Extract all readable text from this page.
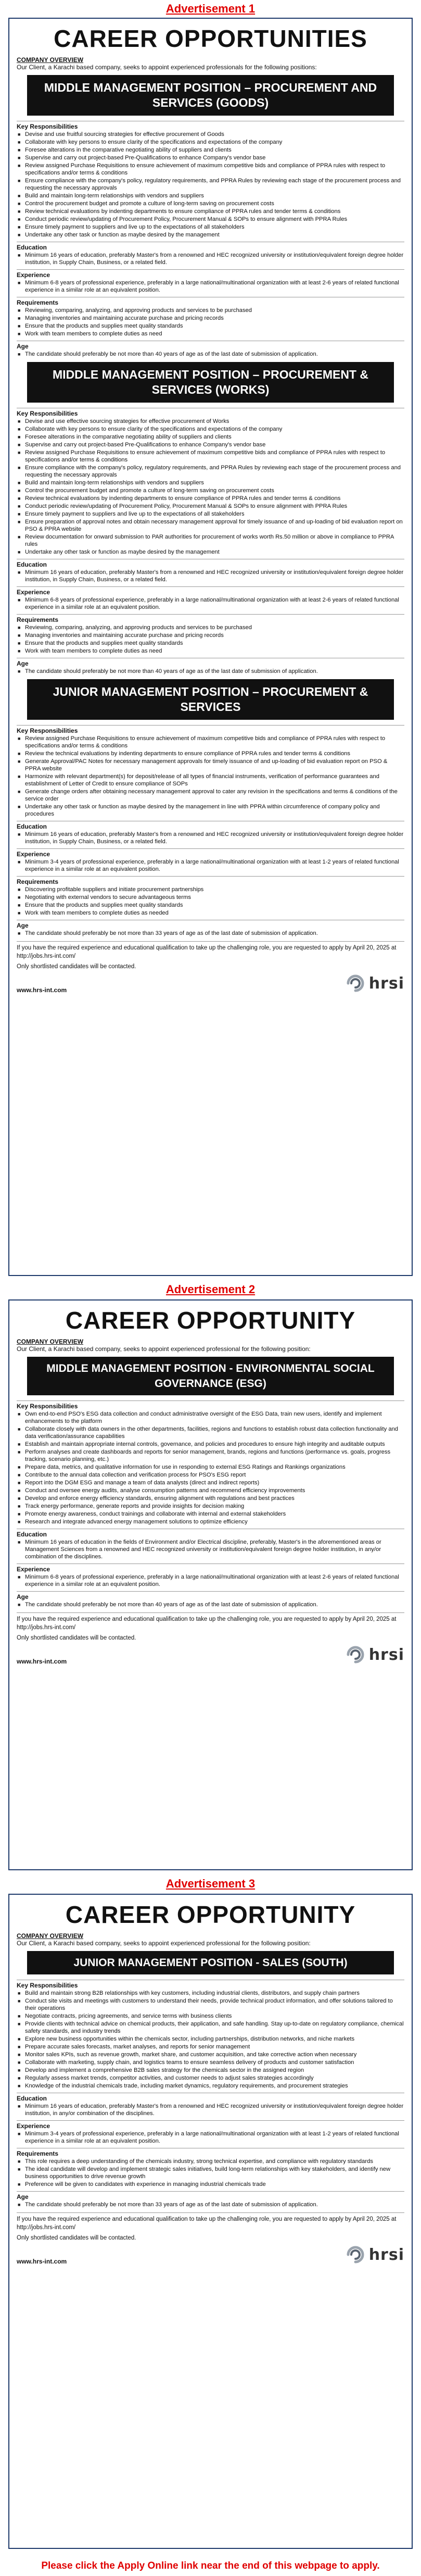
Advertisement 1
CAREER OPPORTUNITIES
COMPANY OVERVIEW
Our Client, a Karachi based company, seeks to appoint experienced professionals for the following positions:
MIDDLE MANAGEMENT POSITION – PROCUREMENT AND SERVICES (GOODS)
Key Responsibilities
■ Devise and use fruitful sourcing strategies for effective procurement of Goods
■ Collaborate with key persons to ensure clarity of the specifications and expectations of the company
■ Foresee alterations in the comparative negotiating ability of suppliers and clients
■ Supervise and carry out project-based Pre-Qualifications to enhance Company's vendor base
■ Review assigned Purchase Requisitions to ensure achievement of maximum competitive bids and compliance of PPRA rules with respect to specifications and/or terms & conditions
■ Ensure compliance with the company's policy, regulatory requirements, and PPRA Rules by reviewing each stage of the procurement process and requesting the necessary approvals
■ Build and maintain long-term relationships with vendors and suppliers
■ Control the procurement budget and promote a culture of long-term saving on procurement costs
■ Review technical evaluations by indenting departments to ensure compliance of PPRA rules and tender terms & conditions
■ Conduct periodic review/updating of Procurement Policy, Procurement Manual & SOPs to ensure alignment with PPRA Rules
■ Ensure timely payment to suppliers and live up to the expectations of all stakeholders
■ Undertake any other task or function as maybe desired by the management
Education
■ Minimum 16 years of education, preferably Master's from a renowned and HEC recognized university or institution/equivalent foreign degree holder institution, in Supply Chain, Business, or a related field.
Experience
■ Minimum 6-8 years of professional experience, preferably in a large national/multinational organization with at least 2-6 years of related functional experience in a similar role at an equivalent position.
Requirements
■ Reviewing, comparing, analyzing, and approving products and services to be purchased
■ Managing inventories and maintaining accurate purchase and pricing records
■ Ensure that the products and supplies meet quality standards
■ Work with team members to complete duties as need
Age
■ The candidate should preferably be not more than 40 years of age as of the last date of submission of application.
MIDDLE MANAGEMENT POSITION – PROCUREMENT & SERVICES (WORKS)
Key Responsibilities
■ Devise and use effective sourcing strategies for effective procurement of Works
■ Collaborate with key persons to ensure clarity of the specifications and expectations of the company
■ Foresee alterations in the comparative negotiating ability of suppliers and clients
■ Supervise and carry out project-based Pre-Qualifications to enhance Company's vendor base
■ Review assigned Purchase Requisitions to ensure achievement of maximum competitive bids and compliance of PPRA rules with respect to specifications and/or terms & conditions
■ Ensure compliance with the company's policy, regulatory requirements, and PPRA Rules by reviewing each stage of the procurement process and requesting the necessary approvals
■ Build and maintain long-term relationships with vendors and suppliers
■ Control the procurement budget and promote a culture of long-term saving on procurement costs
■ Review technical evaluations by indenting departments to ensure compliance of PPRA rules and tender terms & conditions
■ Conduct periodic review/updating of Procurement Policy, Procurement Manual & SOPs to ensure alignment with PPRA Rules
■ Ensure timely payment to suppliers and live up to the expectations of all stakeholders
■ Ensure preparation of approval notes and obtain necessary management approval for timely issuance of and up-loading of bid evaluation report on PSO & PPRA website
■ Review documentation for onward submission to PAR authorities for procurement of works worth Rs.50 million or above in compliance to PPRA rules
■ Undertake any other task or function as maybe desired by the management
Education
■ Minimum 16 years of education, preferably Master's from a renowned and HEC recognized university or institution/equivalent foreign degree holder institution, in Supply Chain, Business, or a related field.
Experience
■ Minimum 6-8 years of professional experience, preferably in a large national/multinational organization with at least 2-6 years of related functional experience in a similar role at an equivalent position.
Requirements
■ Reviewing, comparing, analyzing, and approving products and services to be purchased
■ Managing inventories and maintaining accurate purchase and pricing records
■ Ensure that the products and supplies meet quality standards
■ Work with team members to complete duties as need
Age
■ The candidate should preferably be not more than 40 years of age as of the last date of submission of application.
JUNIOR MANAGEMENT POSITION – PROCUREMENT & SERVICES
Key Responsibilities
■ Review assigned Purchase Requisitions to ensure achievement of maximum competitive bids and compliance of PPRA rules with respect to specifications and/or terms & conditions
■ Review the technical evaluations by indenting departments to ensure compliance of PPRA rules and tender terms & conditions
■ Generate Approval/PAC Notes for necessary management approvals for timely issuance of and up-loading of bid evaluation report on PSO & PPRA website
■ Harmonize with relevant department(s) for deposit/release of all types of financial instruments, verification of performance guarantees and establishment of Letter of Credit to ensure compliance of SOPs
■ Generate change orders after obtaining necessary management approval to cater any revision in the specifications and terms & conditions of the service order
■ Undertake any other task or function as maybe desired by the management in line with PPRA within circumference of company policy and procedures
Education
■ Minimum 16 years of education, preferably Master's from a renowned and HEC recognized university or institution/equivalent foreign degree holder institution, in Supply Chain, Business, or a related field.
Experience
■ Minimum 3-4 years of professional experience, preferably in a large national/multinational organization with at least 1-2 years of related functional experience in a similar role at an equivalent position.
Requirements
■ Discovering profitable suppliers and initiate procurement partnerships
■ Negotiating with external vendors to secure advantageous terms
■ Ensure that the products and supplies meet quality standards
■ Work with team members to complete duties as needed
Age
■ The candidate should preferably be not more than 33 years of age as of the last date of submission of application.
If you have the required experience and educational qualification to take up the challenging role, you are requested to apply by April 20, 2025 at http://jobs.hrs-int.com/
Only shortlisted candidates will be contacted.
www.hrs-int.com	hrsi
Advertisement 2
CAREER OPPORTUNITY
COMPANY OVERVIEW
Our Client, a Karachi based company, seeks to appoint experienced professional for the following position:
MIDDLE MANAGEMENT POSITION - ENVIRONMENTAL SOCIAL GOVERNANCE (ESG)
Key Responsibilities
■ Own end-to-end PSO's ESG data collection and conduct administrative oversight of the ESG Data, train new users, identify and implement enhancements to the platform
■ Collaborate closely with data owners in the other departments, facilities, regions and functions to establish robust data collection functionality and data verification/assurance capabilities
■ Establish and maintain appropriate internal controls, governance, and policies and procedures to ensure high integrity and auditable outputs
■ Perform analyses and create dashboards and reports for senior management, brands, regions and functions (performance vs. goals, progress tracking, scenario planning, etc.)
■ Prepare data, metrics, and qualitative information for use in responding to external ESG Ratings and Rankings organizations
■ Contribute to the annual data collection and verification process for PSO's ESG report
■ Report into the DGM ESG and manage a team of data analysts (direct and indirect reports)
■ Conduct and oversee energy audits, analyse consumption patterns and recommend efficiency improvements
■ Develop and enforce energy efficiency standards, ensuring alignment with regulations and best practices
■ Track energy performance, generate reports and provide insights for decision making
■ Promote energy awareness, conduct trainings and collaborate with internal and external stakeholders
■ Research and integrate advanced energy management solutions to optimize efficiency
Education
■ Minimum 16 years of education in the fields of Environment and/or Electrical discipline, preferably, Master's in the aforementioned areas or Management Sciences from a renowned and HEC recognized university or institution/equivalent foreign degree holder institution, in any/or combination of the disciplines.
Experience
■ Minimum 6-8 years of professional experience, preferably in a large national/multinational organization with at least 2-6 years of related functional experience in a similar role at an equivalent position.
Age
■ The candidate should preferably be not more than 40 years of age as of the last date of submission of application.
If you have the required experience and educational qualification to take up the challenging role, you are requested to apply by April 20, 2025 at http://jobs.hrs-int.com/
Only shortlisted candidates will be contacted.
www.hrs-int.com	hrsi
Advertisement 3
CAREER OPPORTUNITY
COMPANY OVERVIEW
Our Client, a Karachi based company, seeks to appoint experienced professional for the following position:
JUNIOR MANAGEMENT POSITION - SALES (SOUTH)
Key Responsibilities
■ Build and maintain strong B2B relationships with key customers, including industrial clients, distributors, and supply chain partners
■ Conduct site visits and meetings with customers to understand their needs, provide technical product information, and offer solutions tailored to their operations
■ Negotiate contracts, pricing agreements, and service terms with business clients
■ Provide clients with technical advice on chemical products, their application, and safe handling. Stay up-to-date on regulatory compliance, chemical safety standards, and industry trends
■ Explore new business opportunities within the chemicals sector, including partnerships, distribution networks, and niche markets
■ Prepare accurate sales forecasts, market analyses, and reports for senior management
■ Monitor sales KPIs, such as revenue growth, market share, and customer acquisition, and take corrective action when necessary
■ Collaborate with marketing, supply chain, and logistics teams to ensure seamless delivery of products and customer satisfaction
■ Develop and implement a comprehensive B2B sales strategy for the chemicals sector in the assigned region
■ Regularly assess market trends, competitor activities, and customer needs to adjust sales strategies accordingly
■ Knowledge of the industrial chemicals trade, including market dynamics, regulatory requirements, and procurement strategies
Education
■ Minimum 16 years of education, preferably Master's from a renowned and HEC recognized university or institution/equivalent foreign degree holder institution, in any/or combination of the disciplines.
Experience
■ Minimum 3-4 years of professional experience, preferably in a large national/multinational organization with at least 1-2 years of related functional experience in a similar role at an equivalent position.
Requirements
■ This role requires a deep understanding of the chemicals industry, strong technical expertise, and compliance with regulatory standards
■ The ideal candidate will develop and implement strategic sales initiatives, build long-term relationships with key stakeholders, and identify new business opportunities to drive revenue growth
■ Preference will be given to candidates with experience in managing industrial chemicals trade
Age
■ The candidate should preferably be not more than 33 years of age as of the last date of submission of application.
If you have the required experience and educational qualification to take up the challenging role, you are requested to apply by April 20, 2025 at http://jobs.hrs-int.com/
Only shortlisted candidates will be contacted.
www.hrs-int.com	hrsi
Please click the Apply Online link near the end of this webpage to apply.
